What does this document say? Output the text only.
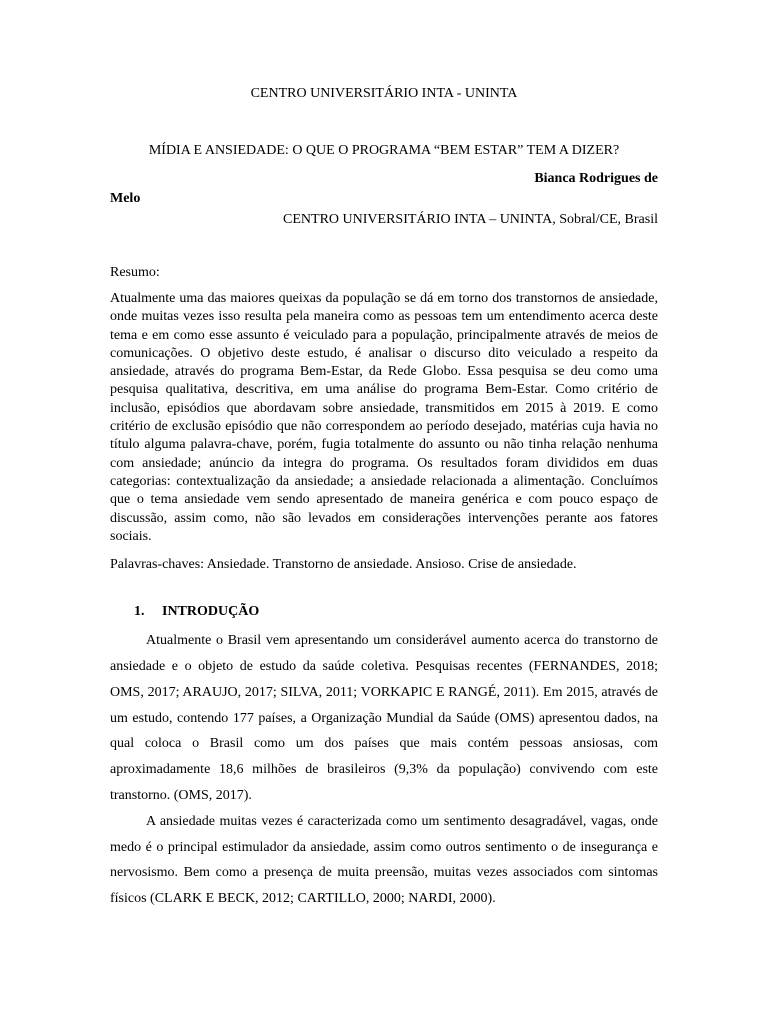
CENTRO UNIVERSITÁRIO INTA - UNINTA
MÍDIA E ANSIEDADE: O QUE O PROGRAMA “BEM ESTAR” TEM A DIZER?
Bianca Rodrigues de
Melo
CENTRO UNIVERSITÁRIO INTA – UNINTA, Sobral/CE, Brasil
Resumo:
Atualmente uma das maiores queixas da população se dá em torno dos transtornos de ansiedade, onde muitas vezes isso resulta pela maneira como as pessoas tem um entendimento acerca deste tema e em como esse assunto é veiculado para a população, principalmente através de meios de comunicações. O objetivo deste estudo, é analisar o discurso dito veiculado a respeito da ansiedade, através do programa Bem-Estar, da Rede Globo. Essa pesquisa se deu como uma pesquisa qualitativa, descritiva, em uma análise do programa Bem-Estar. Como critério de inclusão, episódios que abordavam sobre ansiedade, transmitidos em 2015 à 2019. E como critério de exclusão episódio que não correspondem ao período desejado, matérias cuja havia no título alguma palavra-chave, porém, fugia totalmente do assunto ou não tinha relação nenhuma com ansiedade; anúncio da integra do programa. Os resultados foram divididos em duas categorias: contextualização da ansiedade; a ansiedade relacionada a alimentação. Concluímos que o tema ansiedade vem sendo apresentado de maneira genérica e com pouco espaço de discussão, assim como, não são levados em considerações intervenções perante aos fatores sociais.
Palavras-chaves: Ansiedade. Transtorno de ansiedade. Ansioso. Crise de ansiedade.
1. INTRODUÇÃO
Atualmente o Brasil vem apresentando um considerável aumento acerca do transtorno de ansiedade e o objeto de estudo da saúde coletiva. Pesquisas recentes (FERNANDES, 2018; OMS, 2017; ARAUJO, 2017; SILVA, 2011; VORKAPIC E RANGÉ, 2011). Em 2015, através de um estudo, contendo 177 países, a Organização Mundial da Saúde (OMS) apresentou dados, na qual coloca o Brasil como um dos países que mais contém pessoas ansiosas, com aproximadamente 18,6 milhões de brasileiros (9,3% da população) convivendo com este transtorno. (OMS, 2017).
A ansiedade muitas vezes é caracterizada como um sentimento desagradável, vagas, onde medo é o principal estimulador da ansiedade, assim como outros sentimento o de insegurança e nervosismo. Bem como a presença de muita preensão, muitas vezes associados com sintomas físicos (CLARK E BECK, 2012; CARTILLO, 2000; NARDI, 2000).
